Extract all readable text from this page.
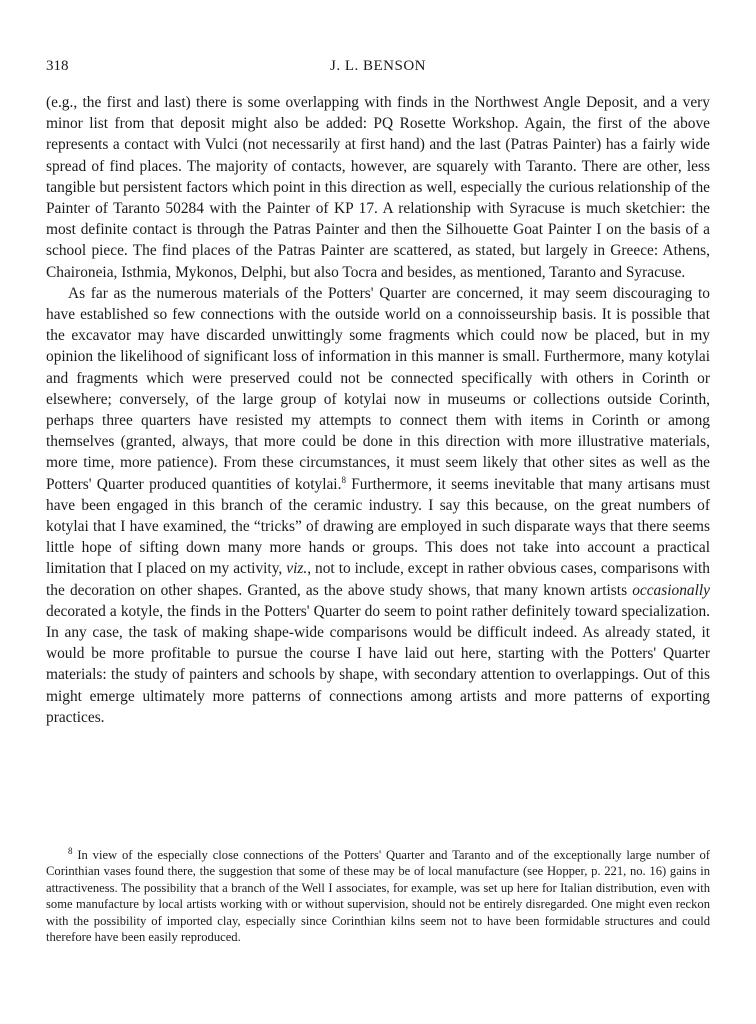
318	J. L. BENSON

(e.g., the first and last) there is some overlapping with finds in the Northwest Angle Deposit, and a very minor list from that deposit might also be added: PQ Rosette Workshop. Again, the first of the above represents a contact with Vulci (not necessarily at first hand) and the last (Patras Painter) has a fairly wide spread of find places. The majority of contacts, however, are squarely with Taranto. There are other, less tangible but persistent factors which point in this direction as well, especially the curious relationship of the Painter of Taranto 50284 with the Painter of KP 17. A relationship with Syracuse is much sketchier: the most definite contact is through the Patras Painter and then the Silhouette Goat Painter I on the basis of a school piece. The find places of the Patras Painter are scattered, as stated, but largely in Greece: Athens, Chaironeia, Isthmia, Mykonos, Delphi, but also Tocra and besides, as mentioned, Taranto and Syracuse.

As far as the numerous materials of the Potters' Quarter are concerned, it may seem discouraging to have established so few connections with the outside world on a connoisseurship basis. It is possible that the excavator may have discarded unwittingly some fragments which could now be placed, but in my opinion the likelihood of significant loss of information in this manner is small. Furthermore, many kotylai and fragments which were preserved could not be connected specifically with others in Corinth or elsewhere; conversely, of the large group of kotylai now in museums or collections outside Corinth, perhaps three quarters have resisted my attempts to connect them with items in Corinth or among themselves (granted, always, that more could be done in this direction with more illustrative materials, more time, more patience). From these circumstances, it must seem likely that other sites as well as the Potters' Quarter produced quantities of kotylai.$^8$ Furthermore, it seems inevitable that many artisans must have been engaged in this branch of the ceramic industry. I say this because, on the great numbers of kotylai that I have examined, the “tricks” of drawing are employed in such disparate ways that there seems little hope of sifting down many more hands or groups. This does not take into account a practical limitation that I placed on my activity, viz., not to include, except in rather obvious cases, comparisons with the decoration on other shapes. Granted, as the above study shows, that many known artists occasionally decorated a kotyle, the finds in the Potters' Quarter do seem to point rather definitely toward specialization. In any case, the task of making shape-wide comparisons would be difficult indeed. As already stated, it would be more profitable to pursue the course I have laid out here, starting with the Potters' Quarter materials: the study of painters and schools by shape, with secondary attention to overlappings. Out of this might emerge ultimately more patterns of connections among artists and more patterns of exporting practices.

$^8$ In view of the especially close connections of the Potters' Quarter and Taranto and of the exceptionally large number of Corinthian vases found there, the suggestion that some of these may be of local manufacture (see Hopper, p. 221, no. 16) gains in attractiveness. The possibility that a branch of the Well I associates, for example, was set up here for Italian distribution, even with some manufacture by local artists working with or without supervision, should not be entirely disregarded. One might even reckon with the possibility of imported clay, especially since Corinthian kilns seem not to have been formidable structures and could therefore have been easily reproduced.
